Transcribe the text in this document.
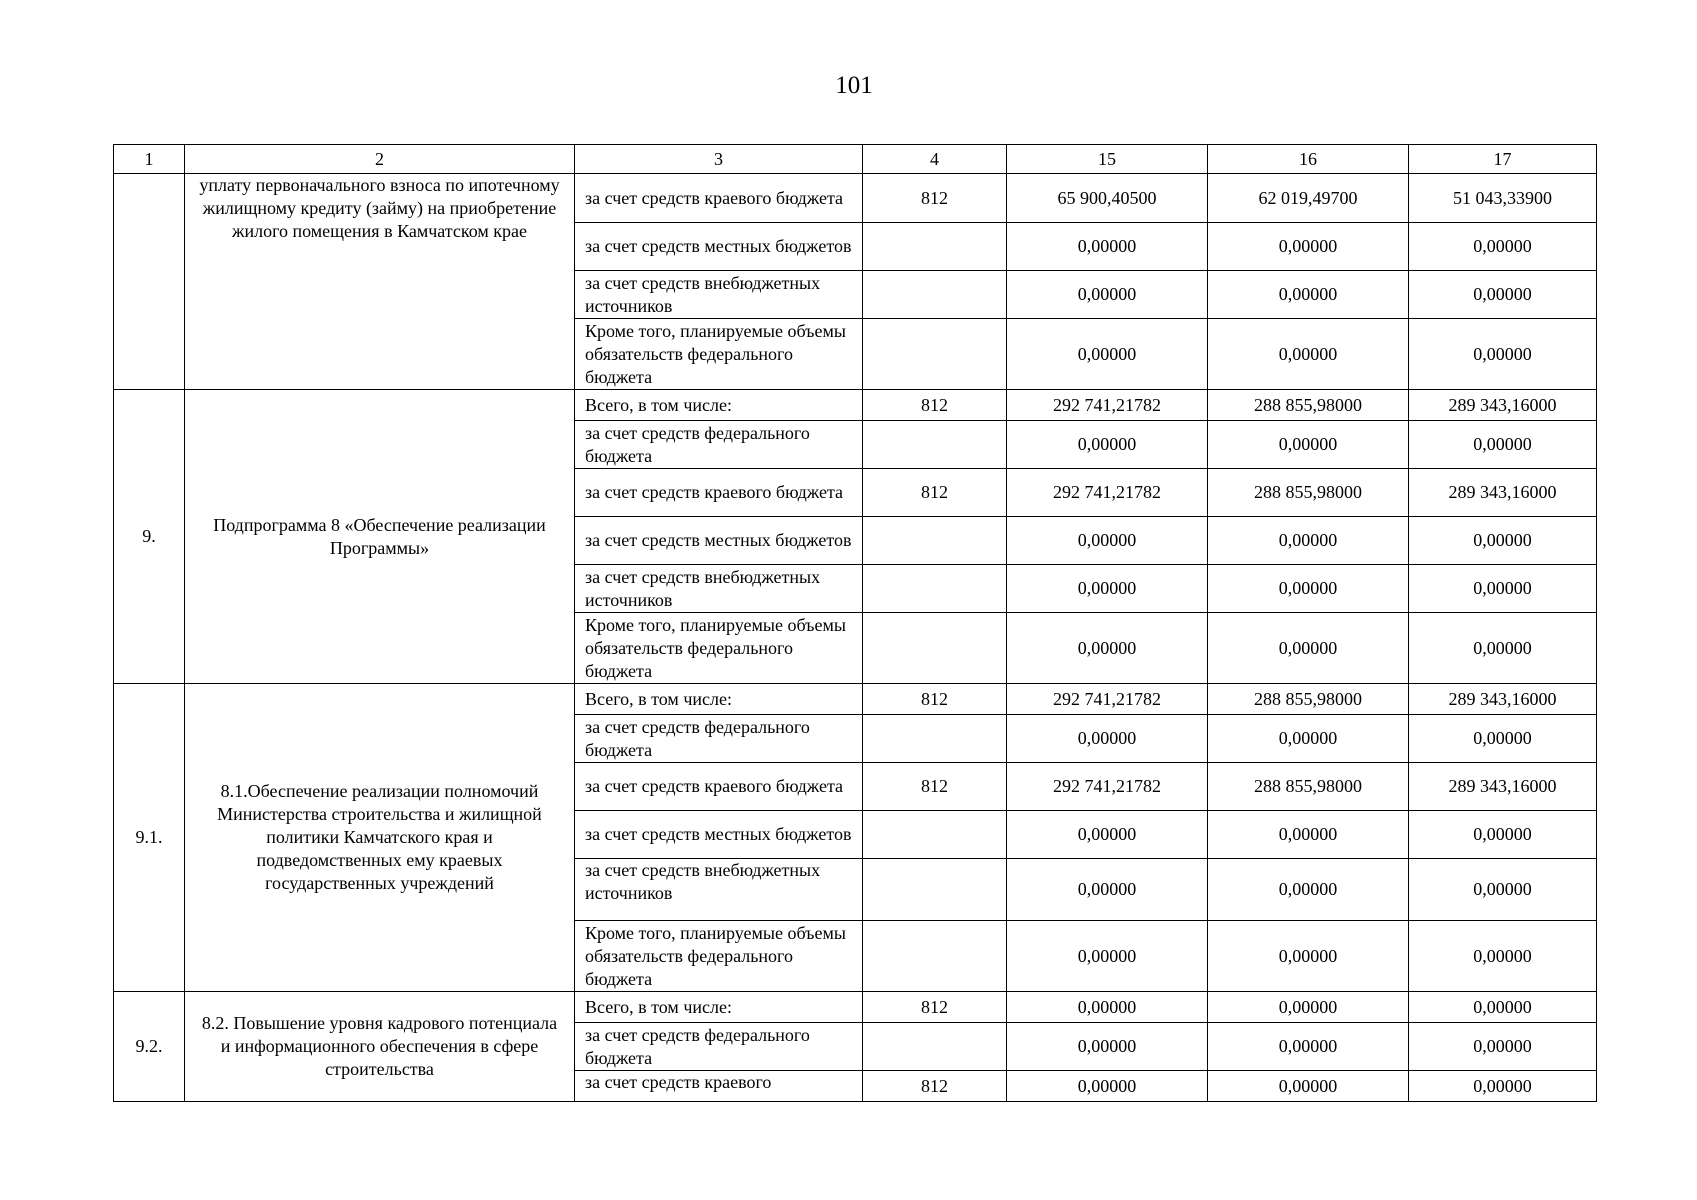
101
1	2	3	4	15	16	17
	уплату первоначального взноса по ипотечному жилищному кредиту (займу) на приобретение жилого помещения в Камчатском крае	за счет средств краевого бюджета	812	65 900,40500	62 019,49700	51 043,33900
		за счет средств местных бюджетов		0,00000	0,00000	0,00000
		за счет средств внебюджетных источников		0,00000	0,00000	0,00000
		Кроме того, планируемые объемы обязательств федерального бюджета		0,00000	0,00000	0,00000
9.	Подпрограмма 8 «Обеспечение реализации Программы»	Всего, в том числе:	812	292 741,21782	288 855,98000	289 343,16000
		за счет средств федерального бюджета		0,00000	0,00000	0,00000
		за счет средств краевого бюджета	812	292 741,21782	288 855,98000	289 343,16000
		за счет средств местных бюджетов		0,00000	0,00000	0,00000
		за счет средств внебюджетных источников		0,00000	0,00000	0,00000
		Кроме того, планируемые объемы обязательств федерального бюджета		0,00000	0,00000	0,00000
9.1.	8.1.Обеспечение реализации полномочий Министерства строительства и жилищной политики Камчатского края и подведомственных ему краевых государственных учреждений	Всего, в том числе:	812	292 741,21782	288 855,98000	289 343,16000
		за счет средств федерального бюджета		0,00000	0,00000	0,00000
		за счет средств краевого бюджета	812	292 741,21782	288 855,98000	289 343,16000
		за счет средств местных бюджетов		0,00000	0,00000	0,00000
		за счет средств внебюджетных источников		0,00000	0,00000	0,00000
		Кроме того, планируемые объемы обязательств федерального бюджета		0,00000	0,00000	0,00000
9.2.	8.2. Повышение уровня кадрового потенциала и информационного обеспечения в сфере строительства	Всего, в том числе:	812	0,00000	0,00000	0,00000
		за счет средств федерального бюджета		0,00000	0,00000	0,00000
		за счет средств краевого	812	0,00000	0,00000	0,00000
